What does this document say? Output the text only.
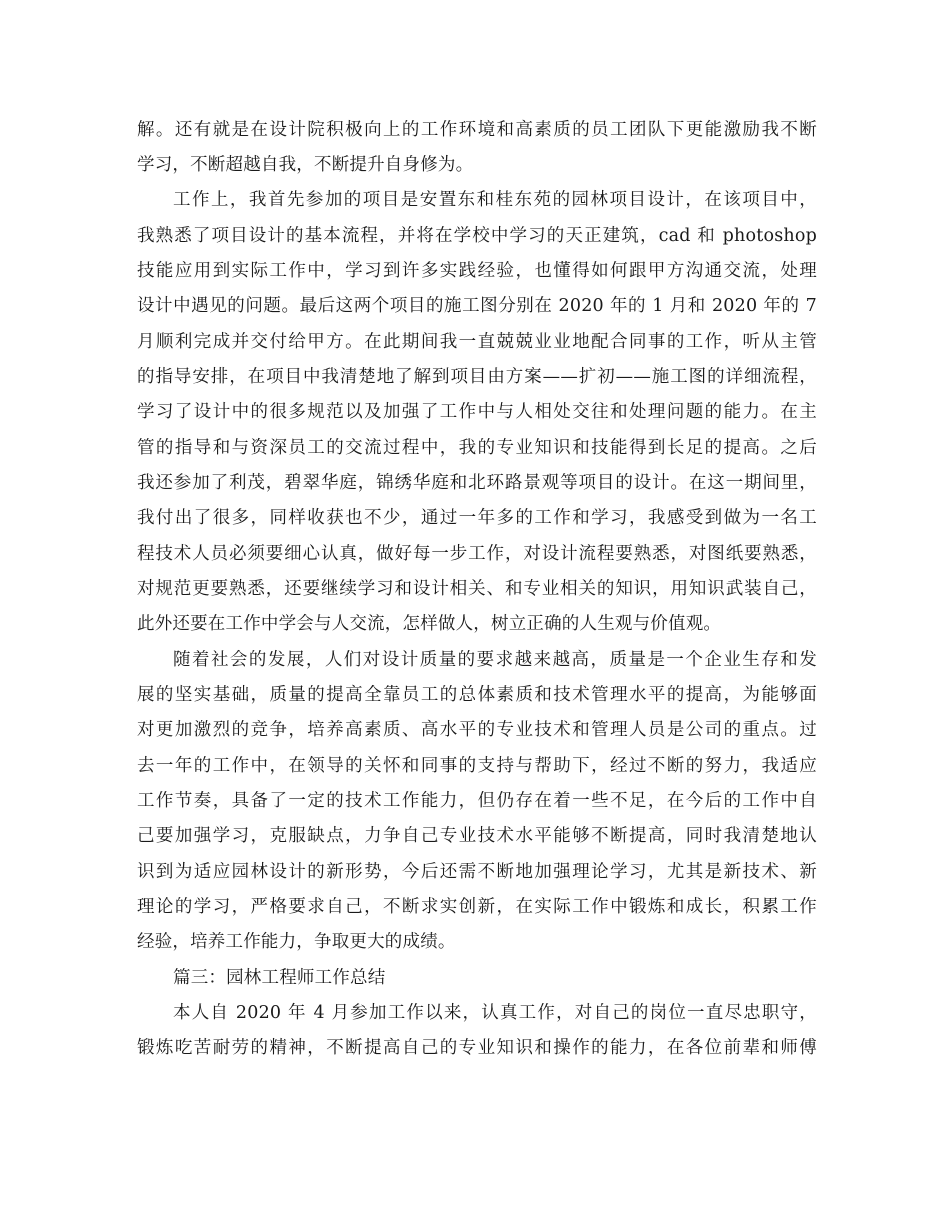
解。还有就是在设计院积极向上的工作环境和高素质的员工团队下更能激励我不断
学习，不断超越自我，不断提升自身修为。
工作上，我首先参加的项目是安置东和桂东苑的园林项目设计，在该项目中，
我熟悉了项目设计的基本流程，并将在学校中学习的天正建筑，cad 和 photoshop
技能应用到实际工作中，学习到许多实践经验，也懂得如何跟甲方沟通交流，处理
设计中遇见的问题。最后这两个项目的施工图分别在 2020 年的 1 月和 2020 年的 7
月顺利完成并交付给甲方。在此期间我一直兢兢业业地配合同事的工作，听从主管
的指导安排，在项目中我清楚地了解到项目由方案——扩初——施工图的详细流程，
学习了设计中的很多规范以及加强了工作中与人相处交往和处理问题的能力。在主
管的指导和与资深员工的交流过程中，我的专业知识和技能得到长足的提高。之后
我还参加了利茂，碧翠华庭，锦绣华庭和北环路景观等项目的设计。在这一期间里，
我付出了很多，同样收获也不少，通过一年多的工作和学习，我感受到做为一名工
程技术人员必须要细心认真，做好每一步工作，对设计流程要熟悉，对图纸要熟悉，
对规范更要熟悉，还要继续学习和设计相关、和专业相关的知识，用知识武装自己，
此外还要在工作中学会与人交流，怎样做人，树立正确的人生观与价值观。
随着社会的发展，人们对设计质量的要求越来越高，质量是一个企业生存和发
展的坚实基础，质量的提高全靠员工的总体素质和技术管理水平的提高，为能够面
对更加激烈的竞争，培养高素质、高水平的专业技术和管理人员是公司的重点。过
去一年的工作中，在领导的关怀和同事的支持与帮助下，经过不断的努力，我适应
工作节奏，具备了一定的技术工作能力，但仍存在着一些不足，在今后的工作中自
己要加强学习，克服缺点，力争自己专业技术水平能够不断提高，同时我清楚地认
识到为适应园林设计的新形势，今后还需不断地加强理论学习，尤其是新技术、新
理论的学习，严格要求自己，不断求实创新，在实际工作中锻炼和成长，积累工作
经验，培养工作能力，争取更大的成绩。
篇三：园林工程师工作总结
本人自 2020 年 4 月参加工作以来，认真工作，对自己的岗位一直尽忠职守，
锻炼吃苦耐劳的精神，不断提高自己的专业知识和操作的能力，在各位前辈和师傅
